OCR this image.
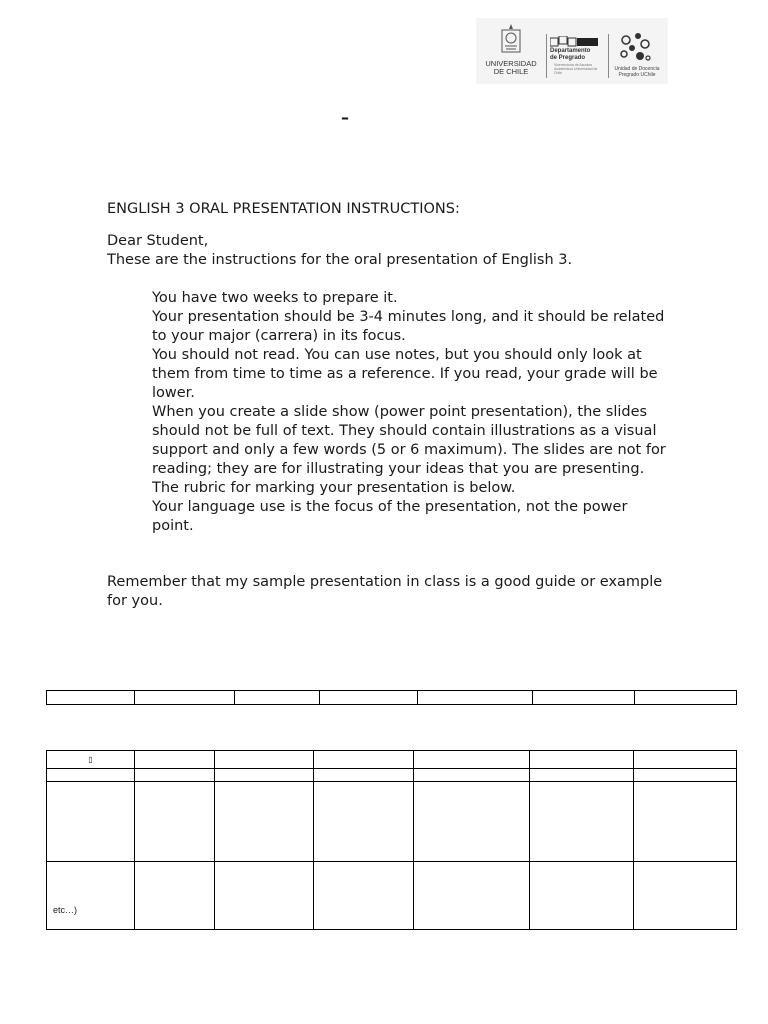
UNIVERSIDAD
DE CHILE
Departamento
de Pregrado
Vicerrectoría de Asuntos Académicos Universidad de Chile
Unidad de Docencia
Pregrado UChile
–
ENGLISH 3 ORAL PRESENTATION INSTRUCTIONS:
Dear Student,
These are the instructions for the oral presentation of English 3.
You have two weeks to prepare it.
Your presentation should be 3-4 minutes long, and it should be related to your major (carrera) in its focus.
You should not read. You can use notes, but you should only look at them from time to time as a reference. If you read, your grade will be lower.
When you create a slide show (power point presentation), the slides should not be full of text. They should contain illustrations as a visual support and only a few words (5 or 6 maximum). The slides are not for reading; they are for illustrating your ideas that you are presenting.
The rubric for marking your presentation is below.
Your language use is the focus of the presentation, not the power point.
Remember that my sample presentation in class is a good guide or example for you.

▯						

etc…)						
